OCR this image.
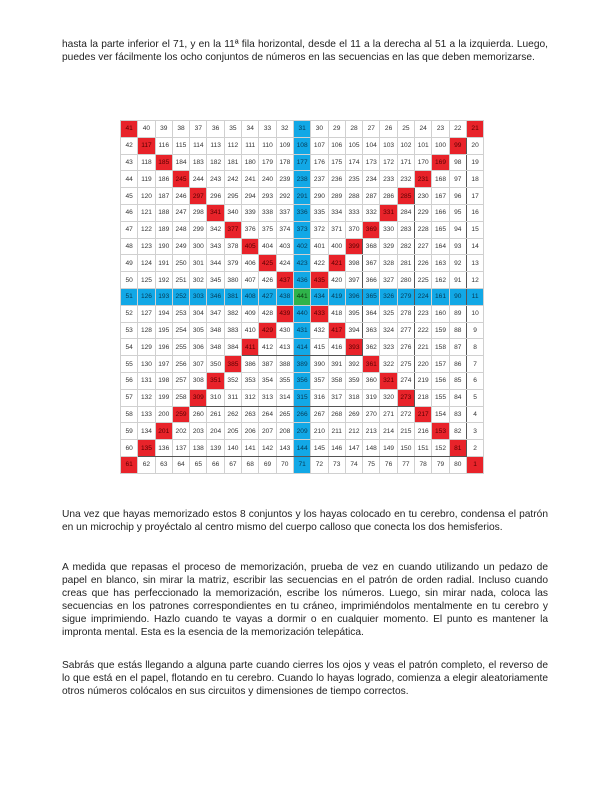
hasta la parte inferior el 71, y en la 11ª fila horizontal, desde el 11 a la derecha al 51 a la izquierda. Luego, puedes ver fácilmente los ocho conjuntos de números en las secuencias en las que deben memorizarse.

41	40	39	38	37	36	35	34	33	32	31	30	29	28	27	26	25	24	23	22	21
42	117	116	115	114	113	112	111	110	109	108	107	106	105	104	103	102	101	100	99	20
43	118	185	184	183	182	181	180	179	178	177	176	175	174	173	172	171	170	169	98	19
44	119	186	245	244	243	242	241	240	239	238	237	236	235	234	233	232	231	168	97	18
45	120	187	246	297	296	295	294	293	292	291	290	289	288	287	286	285	230	167	96	17
46	121	188	247	298	341	340	339	338	337	336	335	334	333	332	331	284	229	166	95	16
47	122	189	248	299	342	377	376	375	374	373	372	371	370	369	330	283	228	165	94	15
48	123	190	249	300	343	378	405	404	403	402	401	400	399	368	329	282	227	164	93	14
49	124	191	250	301	344	379	406	425	424	423	422	421	398	367	328	281	226	163	92	13
50	125	192	251	302	345	380	407	426	437	436	435	420	397	366	327	280	225	162	91	12
51	126	193	252	303	346	381	408	427	438	441	434	419	396	365	326	279	224	161	90	11
52	127	194	253	304	347	382	409	428	439	440	433	418	395	364	325	278	223	160	89	10
53	128	195	254	305	348	383	410	429	430	431	432	417	394	363	324	277	222	159	88	9
54	129	196	255	306	348	384	411	412	413	414	415	416	393	362	323	276	221	158	87	8
55	130	197	256	307	350	385	386	387	388	389	390	391	392	361	322	275	220	157	86	7
56	131	198	257	308	351	352	353	354	355	356	357	358	359	360	321	274	219	156	85	6
57	132	199	258	309	310	311	312	313	314	315	316	317	318	319	320	273	218	155	84	5
58	133	200	259	260	261	262	263	264	265	266	267	268	269	270	271	272	217	154	83	4
59	134	201	202	203	204	205	206	207	208	209	210	211	212	213	214	215	216	153	82	3
60	135	136	137	138	139	140	141	142	143	144	145	146	147	148	149	150	151	152	81	2
61	62	63	64	65	66	67	68	69	70	71	72	73	74	75	76	77	78	79	80	1

Una vez que hayas memorizado estos 8 conjuntos y los hayas colocado en tu cerebro, condensa el patrón en un microchip y proyéctalo al centro mismo del cuerpo calloso que conecta los dos hemisferios.

A medida que repasas el proceso de memorización, prueba de vez en cuando utilizando un pedazo de papel en blanco, sin mirar la matriz, escribir las secuencias en el patrón de orden radial. Incluso cuando creas que has perfeccionado la memorización, escribe los números. Luego, sin mirar nada, coloca las secuencias en los patrones correspondientes en tu cráneo, imprimiéndolos mentalmente en tu cerebro y sigue imprimiendo. Hazlo cuando te vayas a dormir o en cualquier momento. El punto es mantener la impronta mental. Esta es la esencia de la memorización telepática.

Sabrás que estás llegando a alguna parte cuando cierres los ojos y veas el patrón completo, el reverso de lo que está en el papel, flotando en tu cerebro. Cuando lo hayas logrado, comienza a elegir aleatoriamente otros números colócalos en sus circuitos y dimensiones de tiempo correctos.
